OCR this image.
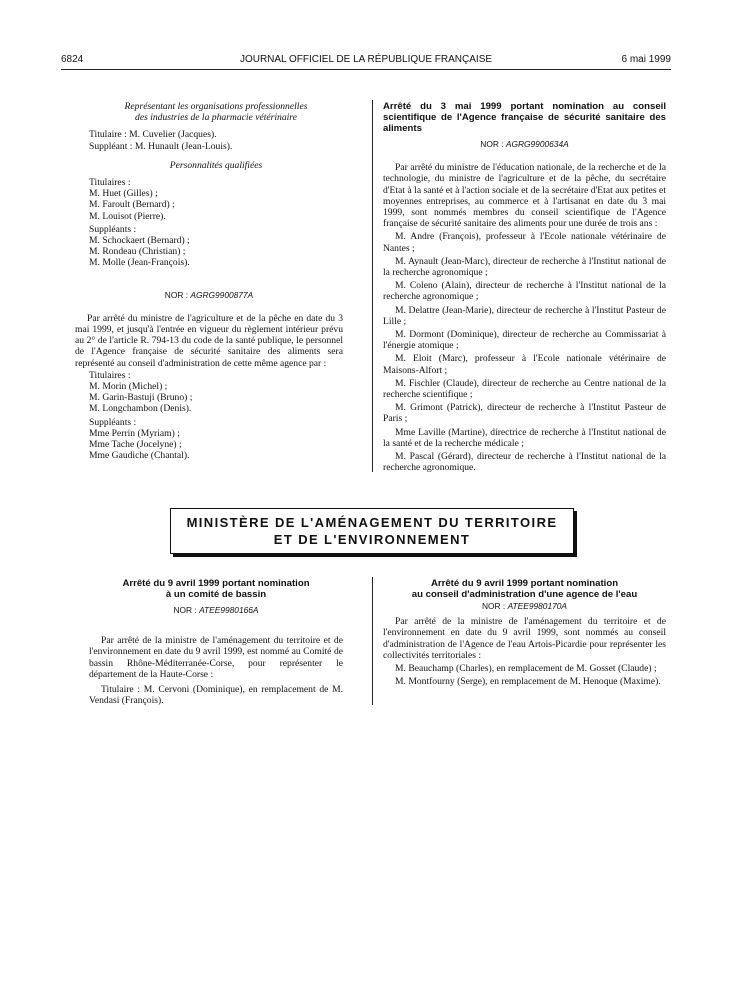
6824	JOURNAL OFFICIEL DE LA RÉPUBLIQUE FRANÇAISE	6 mai 1999

Représentant les organisations professionnelles

des industries de la pharmacie vétérinaire

Titulaire : M. Cuvelier (Jacques).

Suppléant : M. Hunault (Jean-Louis).

Personnalités qualifiées

Titulaires :

M. Huet (Gilles) ;

M. Faroult (Bernard) ;

M. Louisot (Pierre).

Suppléants :

M. Schockaert (Bernard) ;

M. Rondeau (Christian) ;

M. Molle (Jean-François).

NOR : AGRG9900877A

Par arrêté du ministre de l'agriculture et de la pêche en date du 3 mai 1999, et jusqu'à l'entrée en vigueur du règlement intérieur prévu au 2° de l'article R. 794-13 du code de la santé publique, le personnel de l'Agence française de sécurité sanitaire des aliments sera représenté au conseil d'administration de cette même agence par :

Titulaires :

M. Morin (Michel) ;

M. Garin-Bastuji (Bruno) ;

M. Longchambon (Denis).

Suppléants :

Mme Perrin (Myriam) ;

Mme Tache (Jocelyne) ;

Mme Gaudiche (Chantal).

Arrêté du 3 mai 1999 portant nomination au conseil scientifique de l'Agence française de sécurité sanitaire des aliments

NOR : AGRG9900634A

Par arrêté du ministre de l'éducation nationale, de la recherche et de la technologie, du ministre de l'agriculture et de la pêche, du secrétaire d'Etat à la santé et à l'action sociale et de la secrétaire d'Etat aux petites et moyennes entreprises, au commerce et à l'artisanat en date du 3 mai 1999, sont nommés membres du conseil scientifique de l'Agence française de sécurité sanitaire des aliments pour une durée de trois ans :

M. Andre (François), professeur à l'Ecole nationale vétérinaire de Nantes ;

M. Aynault (Jean-Marc), directeur de recherche à l'Institut national de la recherche agronomique ;

M. Coleno (Alain), directeur de recherche à l'Institut national de la recherche agronomique ;

M. Delattre (Jean-Marie), directeur de recherche à l'Institut Pasteur de Lille ;

M. Dormont (Dominique), directeur de recherche au Commissariat à l'énergie atomique ;

M. Eloit (Marc), professeur à l'Ecole nationale vétérinaire de Maisons-Alfort ;

M. Fischler (Claude), directeur de recherche au Centre national de la recherche scientifique ;

M. Grimont (Patrick), directeur de recherche à l'Institut Pasteur de Paris ;

Mme Laville (Martine), directrice de recherche à l'Institut national de la santé et de la recherche médicale ;

M. Pascal (Gérard), directeur de recherche à l'Institut national de la recherche agronomique.

MINISTÈRE DE L'AMÉNAGEMENT DU TERRITOIRE
ET DE L'ENVIRONNEMENT

Arrêté du 9 avril 1999 portant nomination

à un comité de bassin

NOR : ATEE9980166A

Par arrêté de la ministre de l'aménagement du territoire et de l'environnement en date du 9 avril 1999, est nommé au Comité de bassin Rhône-Méditerranée-Corse, pour représenter le département de la Haute-Corse :

Titulaire : M. Cervoni (Dominique), en remplacement de M. Vendasi (François).

Arrêté du 9 avril 1999 portant nomination

au conseil d'administration d'une agence de l'eau

NOR : ATEE9980170A

Par arrêté de la ministre de l'aménagement du territoire et de l'environnement en date du 9 avril 1999, sont nommés au conseil d'administration de l'Agence de l'eau Artois-Picardie pour représenter les collectivités territoriales :

M. Beauchamp (Charles), en remplacement de M. Gosset (Claude) ;

M. Montfourny (Serge), en remplacement de M. Henoque (Maxime).
